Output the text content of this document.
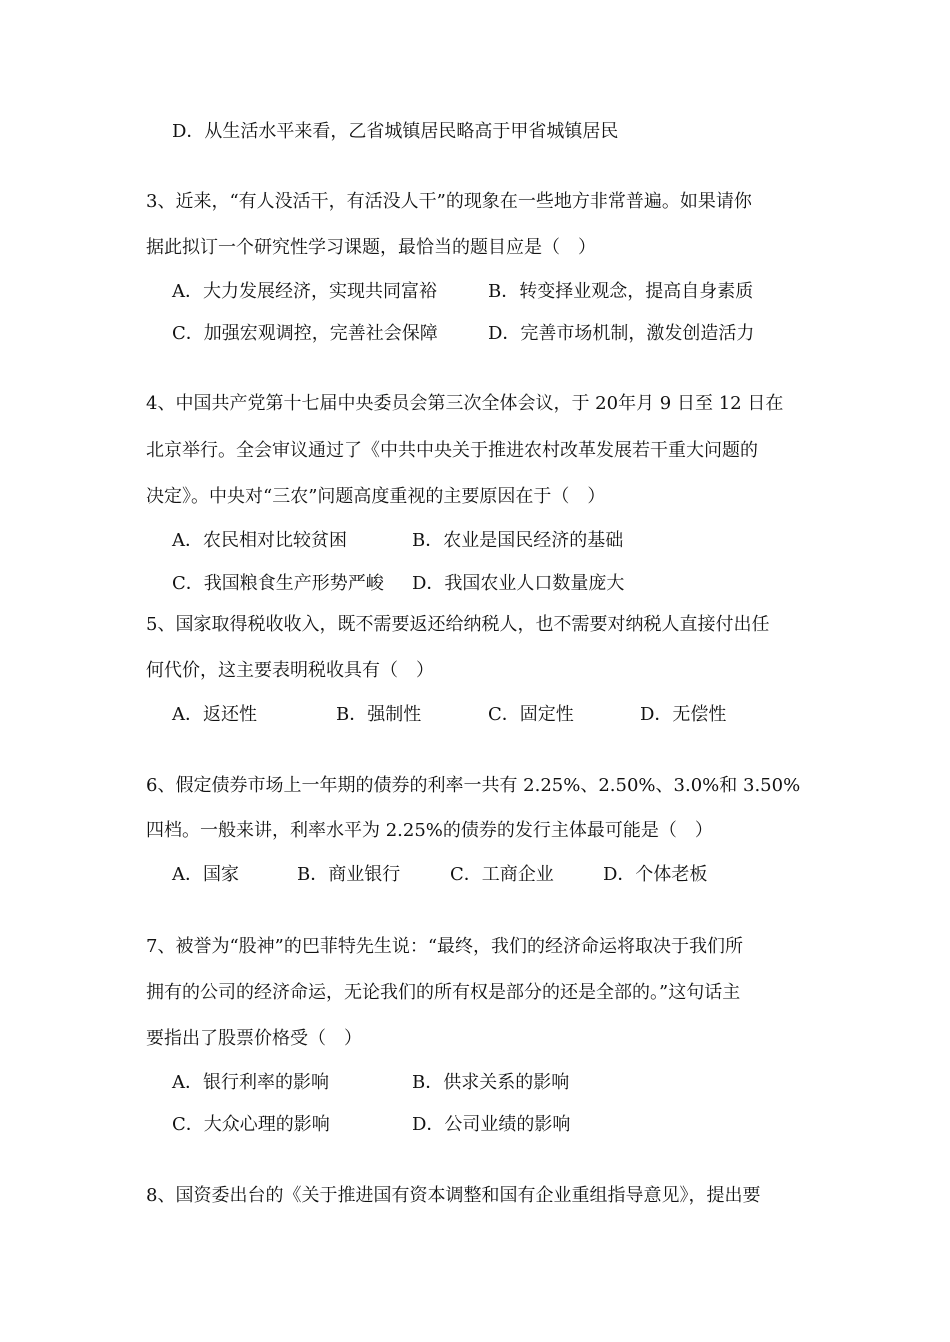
D．从生活水平来看，乙省城镇居民略高于甲省城镇居民
3、近来，“有人没活干，有活没人干”的现象在一些地方非常普遍。如果请你
据此拟订一个研究性学习课题，最恰当的题目应是（　）
A．大力发展经济，实现共同富裕	B．转变择业观念，提高自身素质
C．加强宏观调控，完善社会保障	D．完善市场机制，激发创造活力
4、中国共产党第十七届中央委员会第三次全体会议，于 20年月 9 日至 12 日在
北京举行。全会审议通过了《中共中央关于推进农村改革发展若干重大问题的
决定》。中央对“三农”问题高度重视的主要原因在于（　）
A．农民相对比较贫困	B．农业是国民经济的基础
C．我国粮食生产形势严峻 D．我国农业人口数量庞大
5、国家取得税收收入，既不需要返还给纳税人，也不需要对纳税人直接付出任
何代价，这主要表明税收具有（　）
A．返还性	B．强制性	C．固定性	D．无偿性
6、假定债券市场上一年期的债券的利率一共有 2.25%、2.50%、3.0%和 3.50%
四档。一般来讲，利率水平为 2.25%的债券的发行主体最可能是（　）
A．国家	B．商业银行	C．工商企业	D．个体老板
7、被誉为“股神”的巴菲特先生说：“最终，我们的经济命运将取决于我们所
拥有的公司的经济命运，无论我们的所有权是部分的还是全部的。”这句话主
要指出了股票价格受（　）
A．银行利率的影响	B．供求关系的影响
C．大众心理的影响	D．公司业绩的影响
8、国资委出台的《关于推进国有资本调整和国有企业重组指导意见》，提出要
